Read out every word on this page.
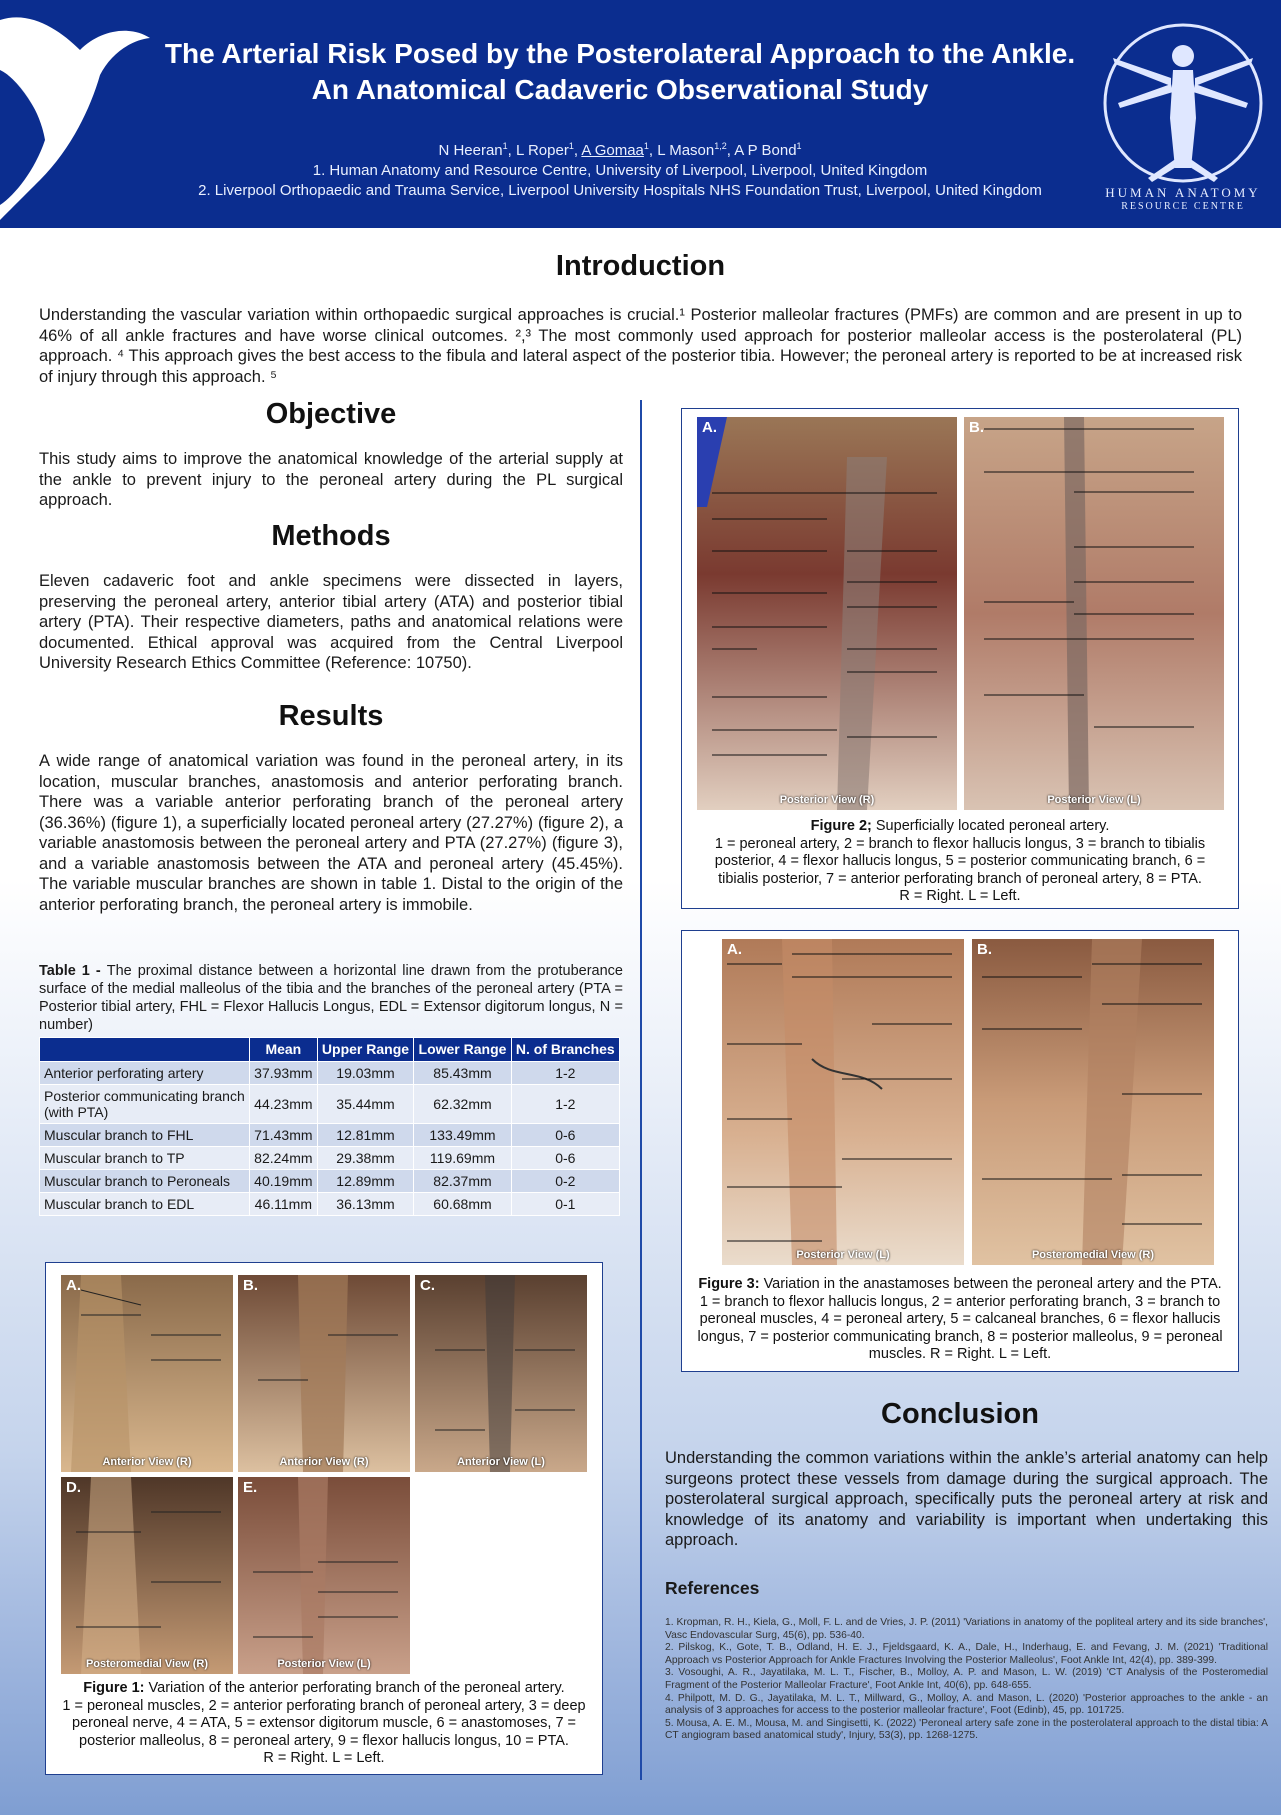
The Arterial Risk Posed by the Posterolateral Approach to the Ankle.
An Anatomical Cadaveric Observational Study
N Heeran$^1$, L Roper$^1$, A Gomaa$^1$, L Mason$^{1,2}$, A P Bond$^1$
1. Human Anatomy and Resource Centre, University of Liverpool, Liverpool, United Kingdom
2. Liverpool Orthopaedic and Trauma Service, Liverpool University Hospitals NHS Foundation Trust, Liverpool, United Kingdom	HUMAN ANATOMY
RESOURCE CENTRE
Introduction

Understanding the vascular variation within orthopaedic surgical approaches is crucial.¹ Posterior malleolar fractures (PMFs) are common and are present in up to 46% of all ankle fractures and have worse clinical outcomes. ²,³ The most commonly used approach for posterior malleolar access is the posterolateral (PL) approach. ⁴ This approach gives the best access to the fibula and lateral aspect of the posterior tibia. However; the peroneal artery is reported to be at increased risk of injury through this approach. ⁵

Objective

This study aims to improve the anatomical knowledge of the arterial supply at the ankle to prevent injury to the peroneal artery during the PL surgical approach.

Methods

Eleven cadaveric foot and ankle specimens were dissected in layers, preserving the peroneal artery, anterior tibial artery (ATA) and posterior tibial artery (PTA). Their respective diameters, paths and anatomical relations were documented. Ethical approval was acquired from the Central Liverpool University Research Ethics Committee (Reference: 10750).

Results

A wide range of anatomical variation was found in the peroneal artery, in its location, muscular branches, anastomosis and anterior perforating branch. There was a variable anterior perforating branch of the peroneal artery (36.36%) (figure 1), a superficially located peroneal artery (27.27%) (figure 2), a variable anastomosis between the peroneal artery and PTA (27.27%) (figure 3), and a variable anastomosis between the ATA and peroneal artery (45.45%). The variable muscular branches are shown in table 1. Distal to the origin of the anterior perforating branch, the peroneal artery is immobile.

Table 1 - The proximal distance between a horizontal line drawn from the protuberance surface of the medial malleolus of the tibia and the branches of the peroneal artery (PTA = Posterior tibial artery, FHL = Flexor Hallucis Longus, EDL = Extensor digitorum longus, N = number)
	Mean	Upper Range	Lower Range	N. of Branches
Anterior perforating artery	37.93mm	19.03mm	85.43mm	1-2
Posterior communicating branch (with PTA)	44.23mm	35.44mm	62.32mm	1-2
Muscular branch to FHL	71.43mm	12.81mm	133.49mm	0-6
Muscular branch to TP	82.24mm	29.38mm	119.69mm	0-6
Muscular branch to Peroneals	40.19mm	12.89mm	82.37mm	0-2
Muscular branch to EDL	46.11mm	36.13mm	60.68mm	0-1
A.
Anterior View (R)
B.
Anterior View (R)
C.
Anterior View (L)
D.
Posteromedial View (R)
E.
Posterior View (L)
Figure 1: Variation of the anterior perforating branch of the peroneal artery.
1 = peroneal muscles, 2 = anterior perforating branch of peroneal artery, 3 = deep peroneal nerve, 4 = ATA, 5 = extensor digitorum muscle, 6 = anastomoses, 7 = posterior malleolus, 8 = peroneal artery, 9 = flexor hallucis longus, 10 = PTA.
R = Right. L = Left.
A.
Posterior View (R)
B.
Posterior View (L)
Figure 2; Superficially located peroneal artery.
1 = peroneal artery, 2 = branch to flexor hallucis longus, 3 = branch to tibialis posterior, 4 = flexor hallucis longus, 5 = posterior communicating branch, 6 = tibialis posterior, 7 = anterior perforating branch of peroneal artery, 8 = PTA.
R = Right. L = Left.
A.
Posterior View (L)
B.
Posteromedial View (R)
Figure 3: Variation in the anastamoses between the peroneal artery and the PTA.
1 = branch to flexor hallucis longus, 2 = anterior perforating branch, 3 = branch to peroneal muscles, 4 = peroneal artery, 5 = calcaneal branches, 6 = flexor hallucis longus, 7 = posterior communicating branch, 8 = posterior malleolus, 9 = peroneal muscles. R = Right. L = Left.
Conclusion

Understanding the common variations within the ankle’s arterial anatomy can help surgeons protect these vessels from damage during the surgical approach. The posterolateral surgical approach, specifically puts the peroneal artery at risk and knowledge of its anatomy and variability is important when undertaking this approach.

References
1. Kropman, R. H., Kiela, G., Moll, F. L. and de Vries, J. P. (2011) 'Variations in anatomy of the popliteal artery and its side branches', Vasc Endovascular Surg, 45(6), pp. 536-40.
2. Pilskog, K., Gote, T. B., Odland, H. E. J., Fjeldsgaard, K. A., Dale, H., Inderhaug, E. and Fevang, J. M. (2021) 'Traditional Approach vs Posterior Approach for Ankle Fractures Involving the Posterior Malleolus', Foot Ankle Int, 42(4), pp. 389-399.
3. Vosoughi, A. R., Jayatilaka, M. L. T., Fischer, B., Molloy, A. P. and Mason, L. W. (2019) 'CT Analysis of the Posteromedial Fragment of the Posterior Malleolar Fracture', Foot Ankle Int, 40(6), pp. 648-655.
4. Philpott, M. D. G., Jayatilaka, M. L. T., Millward, G., Molloy, A. and Mason, L. (2020) 'Posterior approaches to the ankle - an analysis of 3 approaches for access to the posterior malleolar fracture', Foot (Edinb), 45, pp. 101725.
5. Mousa, A. E. M., Mousa, M. and Singisetti, K. (2022) 'Peroneal artery safe zone in the posterolateral approach to the distal tibia: A CT angiogram based anatomical study', Injury, 53(3), pp. 1268-1275.
